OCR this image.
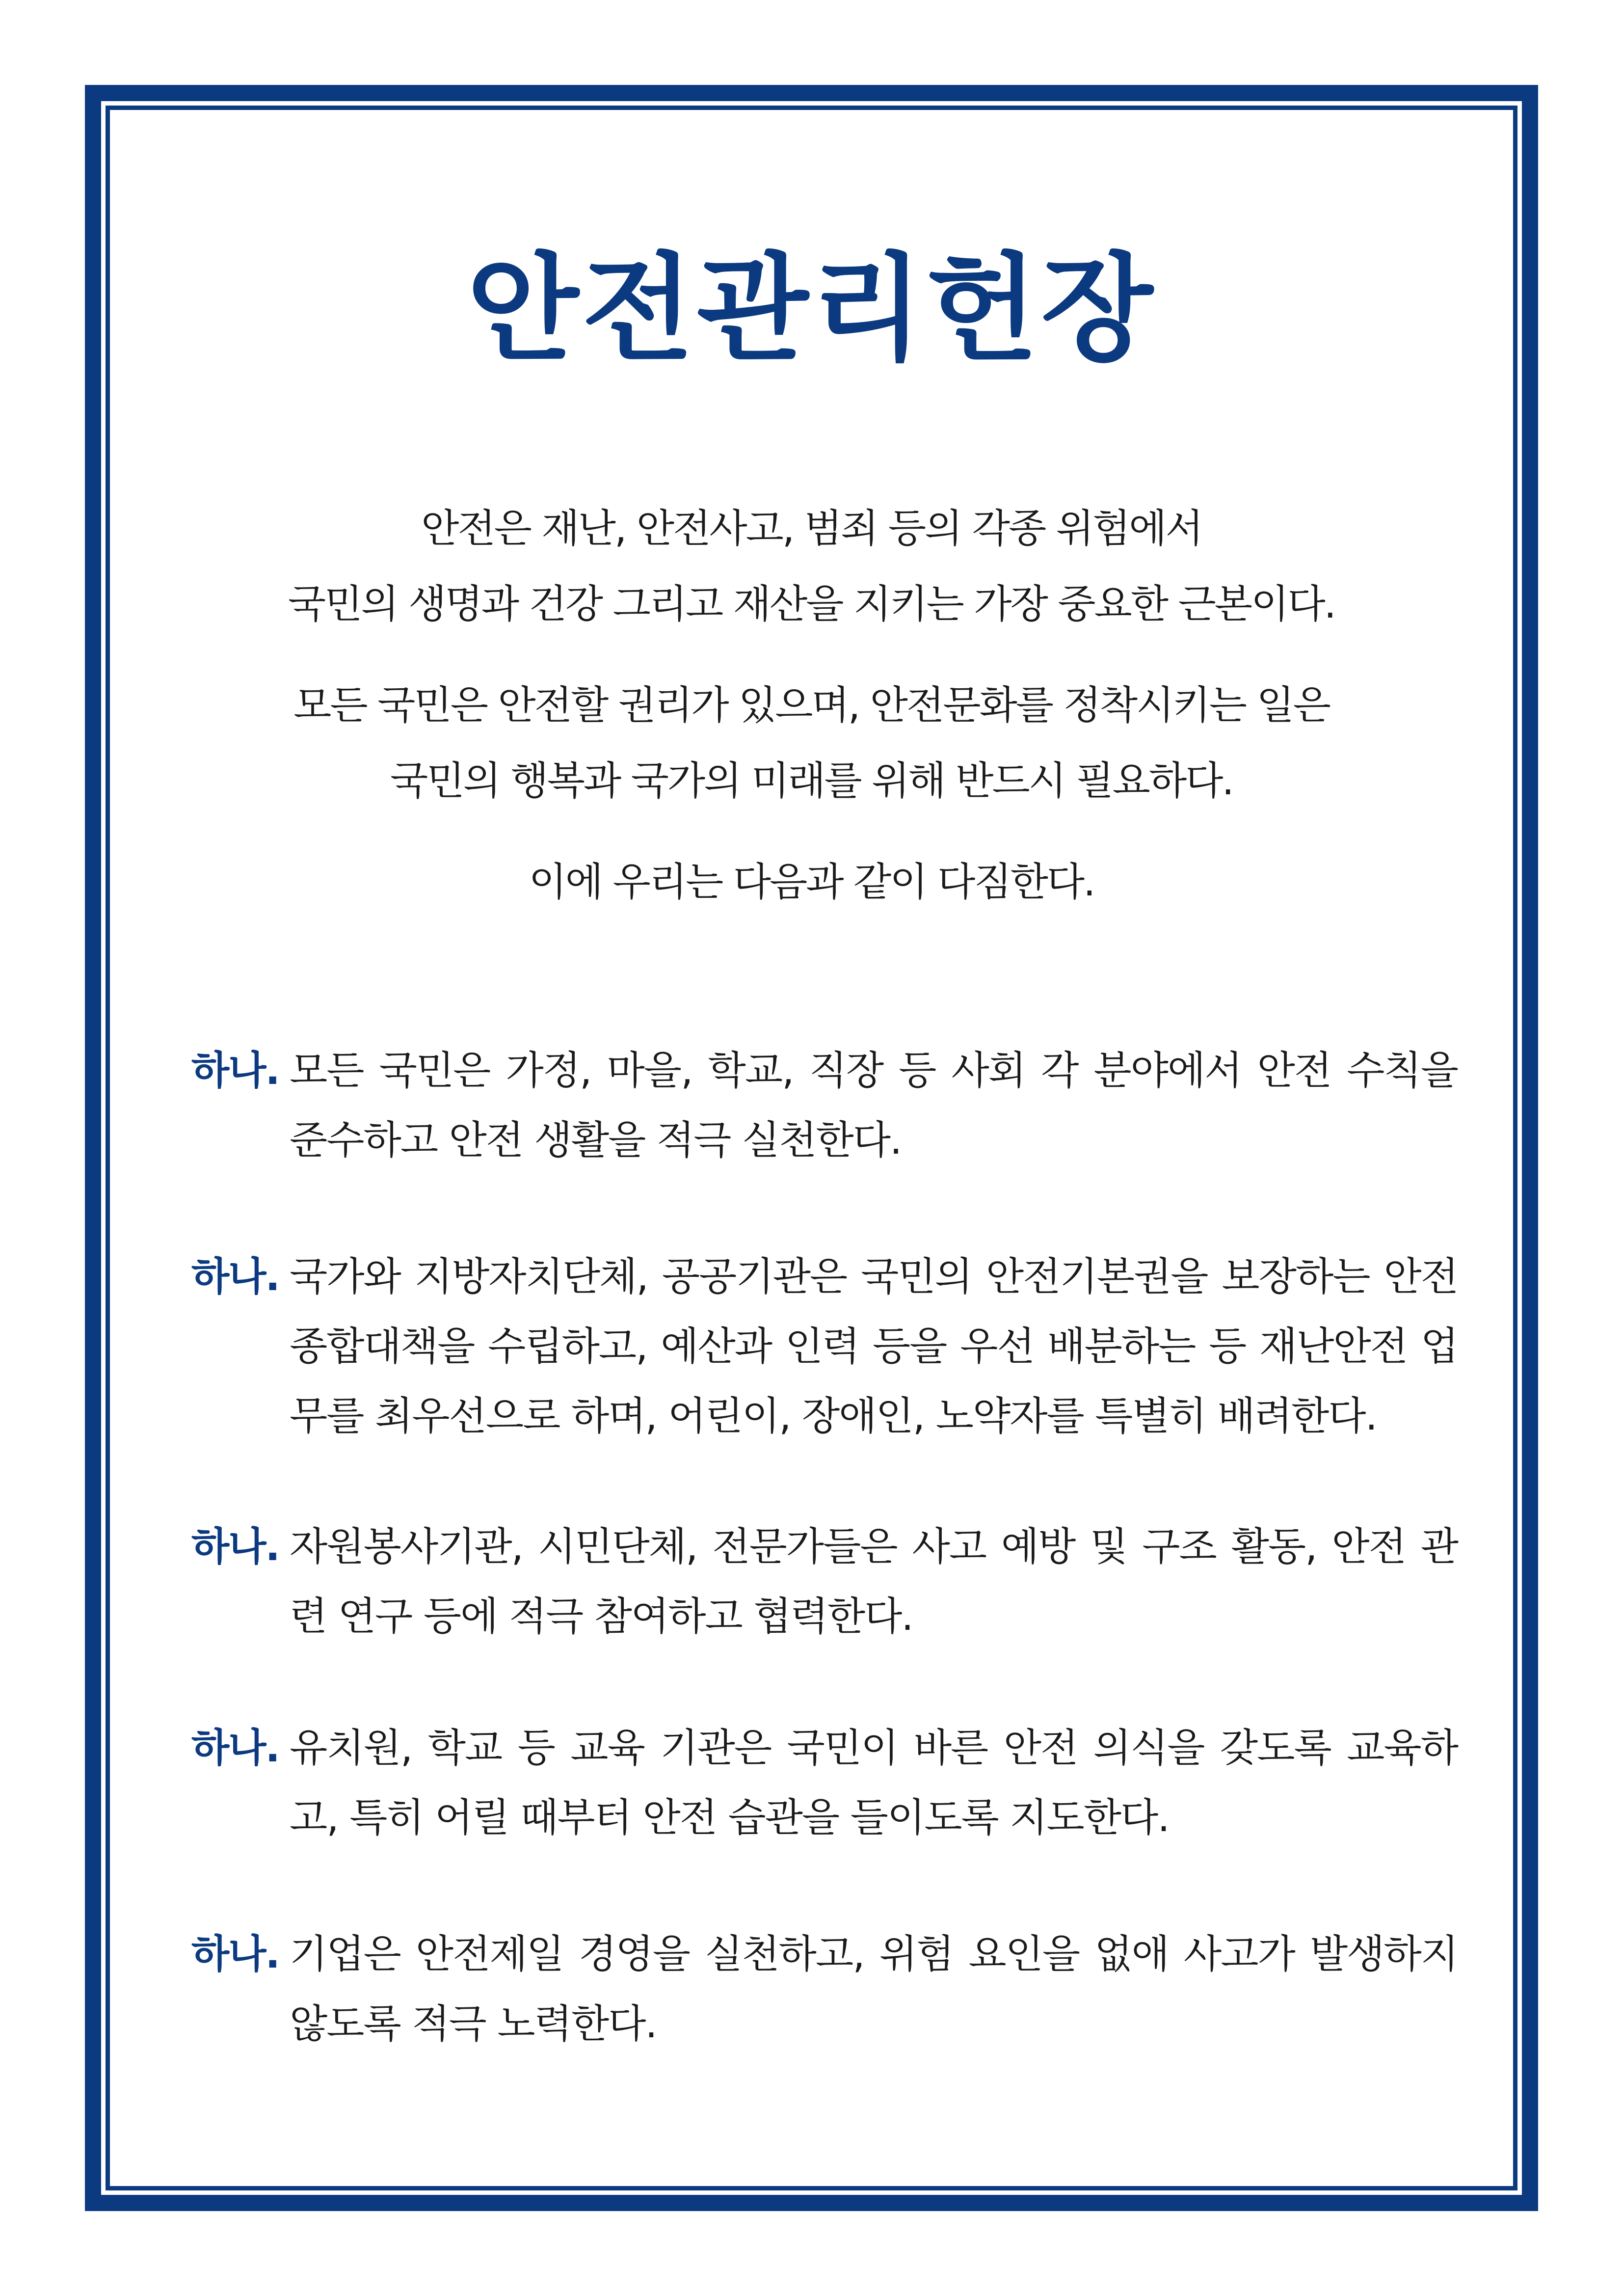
안전관리헌장

안전은 재난, 안전사고, 범죄 등의 각종 위험에서

국민의 생명과 건강 그리고 재산을 지키는 가장 중요한 근본이다.

모든 국민은 안전할 권리가 있으며, 안전문화를 정착시키는 일은

국민의 행복과 국가의 미래를 위해 반드시 필요하다.

이에 우리는 다음과 같이 다짐한다.

하나. 모든 국민은 가정, 마을, 학교, 직장 등 사회 각 분야에서 안전 수칙을 준수하고 안전 생활을 적극 실천한다.
하나. 국가와 지방자치단체, 공공기관은 국민의 안전기본권을 보장하는 안전종합대책을 수립하고, 예산과 인력 등을 우선 배분하는 등 재난안전 업무를 최우선으로 하며, 어린이, 장애인, 노약자를 특별히 배려한다.
하나. 자원봉사기관, 시민단체, 전문가들은 사고 예방 및 구조 활동, 안전 관련 연구 등에 적극 참여하고 협력한다.
하나. 유치원, 학교 등 교육 기관은 국민이 바른 안전 의식을 갖도록 교육하고, 특히 어릴 때부터 안전 습관을 들이도록 지도한다.
하나. 기업은 안전제일 경영을 실천하고, 위험 요인을 없애 사고가 발생하지 않도록 적극 노력한다.
